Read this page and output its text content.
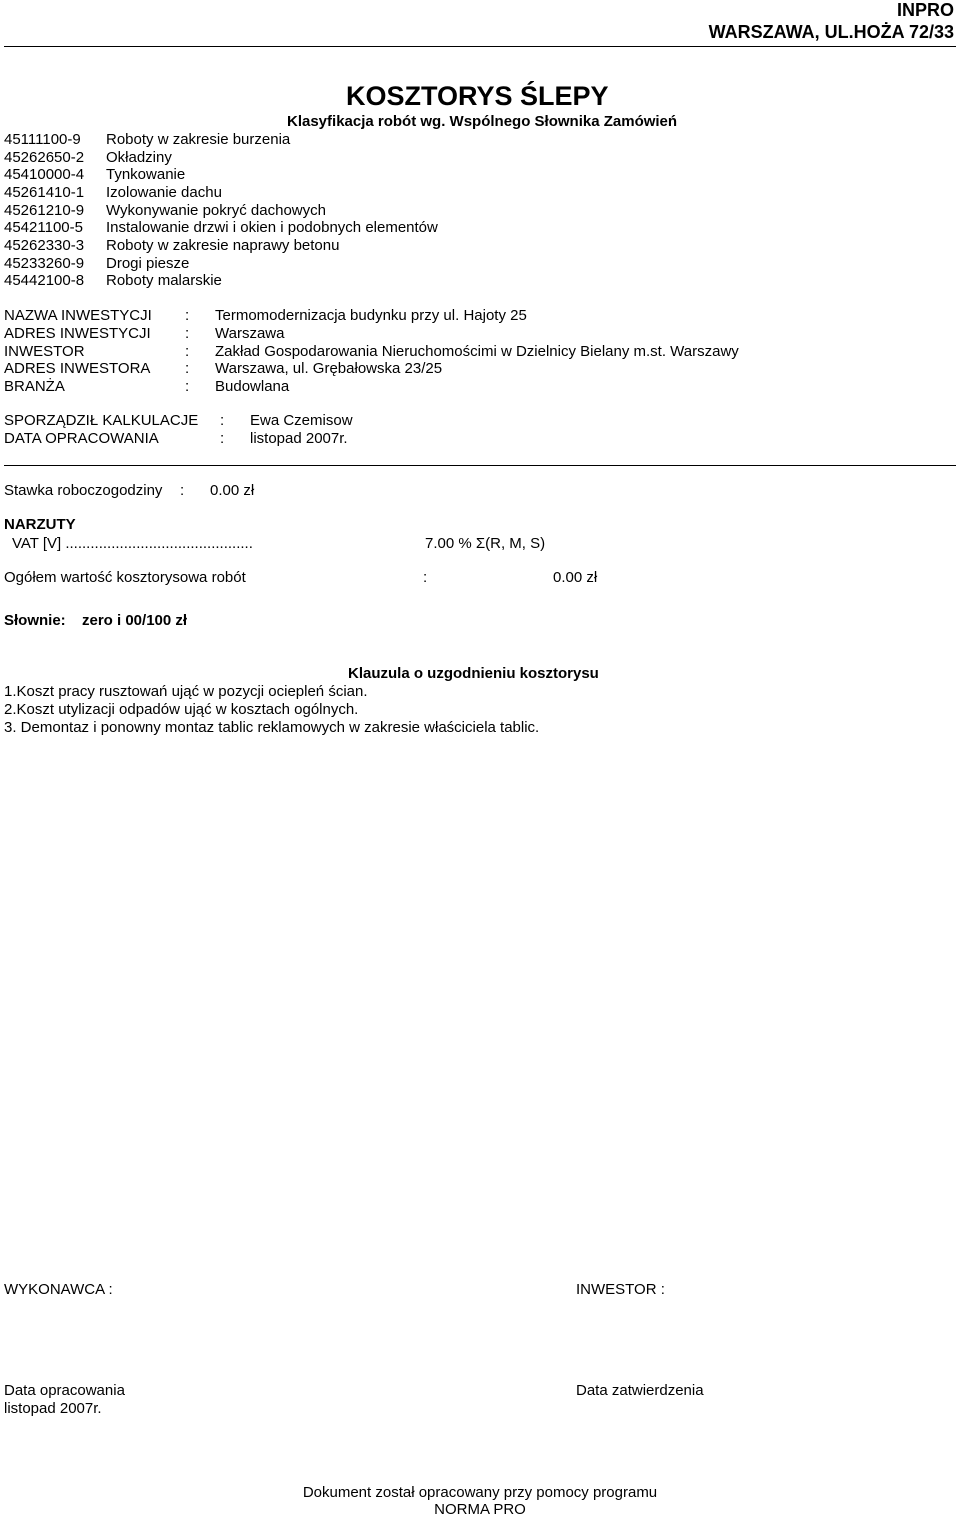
INPRO
WARSZAWA, UL.HOŻA 72/33
KOSZTORYS ŚLEPY
Klasyfikacja robót wg. Wspólnego Słownika Zamówień
45111100-9 Roboty w zakresie burzenia
45262650-2 Okładziny
45410000-4 Tynkowanie
45261410-1 Izolowanie dachu
45261210-9 Wykonywanie pokryć dachowych
45421100-5 Instalowanie drzwi i okien i podobnych elementów
45262330-3 Roboty w zakresie naprawy betonu
45233260-9 Drogi piesze
45442100-8 Roboty malarskie
NAZWA INWESTYCJI : Termomodernizacja budynku przy ul. Hajoty 25
ADRES INWESTYCJI : Warszawa
INWESTOR	: Zakład Gospodarowania Nieruchomościmi w Dzielnicy Bielany m.st. Warszawy
ADRES INWESTORA : Warszawa, ul. Grębałowska 23/25
BRANŻA	: Budowlana
SPORZĄDZIŁ KALKULACJE : Ewa Czemisow
DATA OPRACOWANIA	: listopad 2007r.
Stawka roboczogodziny : 0.00 zł
NARZUTY
VAT [V] .............................................	7.00 % Σ(R, M, S)
Ogółem wartość kosztorysowa robót	:	0.00 zł
Słownie: zero i 00/100 zł
Klauzula o uzgodnieniu kosztorysu
1.Koszt pracy rusztowań ująć w pozycji ociepleń ścian.
2.Koszt utylizacji odpadów ująć w kosztach ogólnych.
3. Demontaz i ponowny montaz tablic reklamowych w zakresie właściciela tablic.
WYKONAWCA :	INWESTOR :
Data opracowania
listopad 2007r.
Data zatwierdzenia
Dokument został opracowany przy pomocy programu
NORMA PRO
